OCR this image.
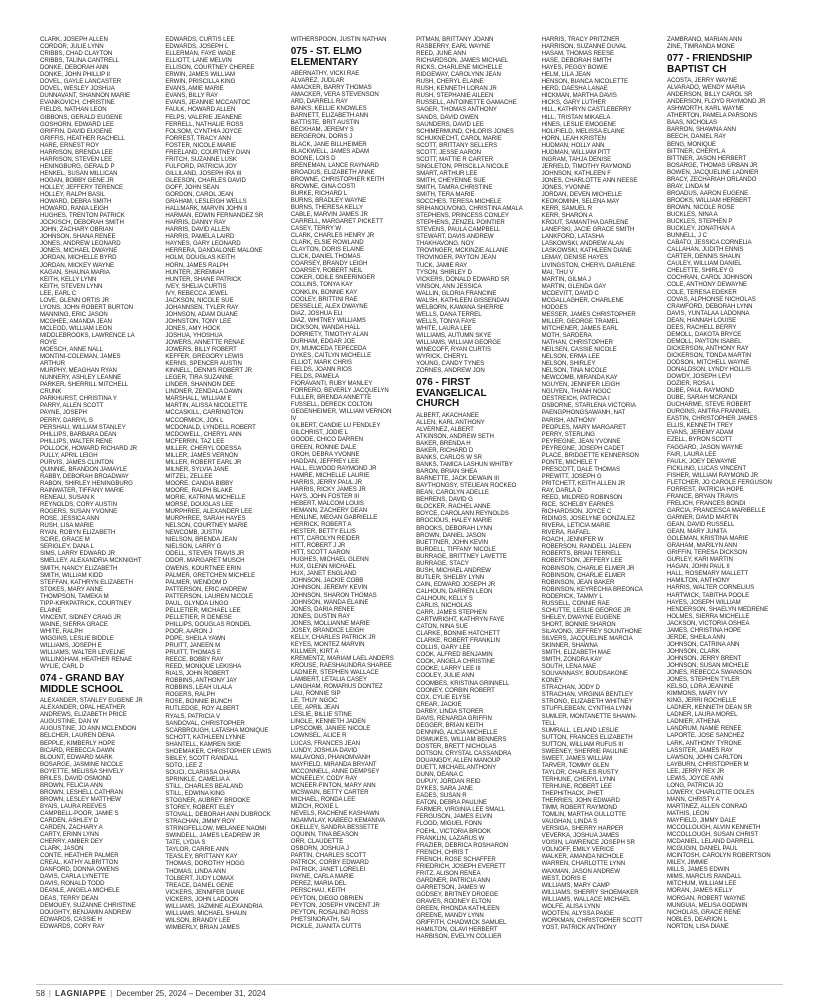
CLARK, JOSEPH ALLEN
CORDOR, JULIE LYNN
CRIBBS, CHAD CLAYTON
CRIBBS, TALINA CANTRELL
DONKE, DEBORAH ANN
DONKE, JOHN PHILLIP II
DOVEL, GAYLE LANCASTER
DOVEL, WESLEY JOSHUA
DUNNAVANT, SHANNON MARIE
EVANKOVICH, CHRISTINE
FIELDS, NATHAN LEON
GIBBONS, GERALD EUGENE
GOSHORN, EDWARD LEE
GRIFFIN, DAVID EUGENE
GRIFFIS, HEATHER RACHELL
HARE, ERNEST ROY
HARRISON, BRENDA LEE
HARRISON, STEVEN LEE
HENINGBURG, GERALD P
HENKEL, SUSAN MILLICAN
HOGAN, BOBBY GENE JR
HOLLEY, JEFFERY TERENCE
HOLLEY, RALPH BASIL
HOWARD, DEBRA SMITH
HOWARD, RANIA LEIGH
HUGHES, TRENTON PATRICK
JOCKISCH, DEBORAH SMITH
JOHN, ZACHARY OBRIAN
JOHNSON, SHANA RENEE
JONES, ANDREW LEONARD
JONES, MICHAEL DWAYNE
JORDAN, MICHELLE BYRD
JORDAN, MICKEY WAYNE
KAGAN, SHAUNA MARIA
KEITH, KELLY LYNN
KEITH, STEVEN LYNN
LEE, EARL C
LOVE, GLENN ORTIS JR
LYONS, JOHN ROBERT BURTON
MANNING, ERIC JASON
MCGHEE, AMANDA JEAN
MCLEOD, WILLIAM LEON
MIDDLEBROOKS, LAWRENCE LA
ROYE
MOESCH, ANNE NALL
MONTINI-COLEMAN, JAMES
ARTHUR
MURPHY, MEAGHAN RYAN
NUNNERY, ASHLEY LEANNE
PARKER, SHERRILL MITCHELL
CRUNK
PARKHURST, CHRISTINA Y
PARRY, ALLEN SCOTT
PAYNE, JOSEPH
PERRY, DARRYL S
PERSHAU, WILLIAM STANLEY
PHILLIPS, BARBARA DEAN
PHILLIPS, WALTER RENE
POLLOCK, HOWARD RICHARD JR
PULLY, APRIL LEIGH
PURVIS, JAMES CLINTON
QUINNIE, BRANDON JAMAYLE
RABBY, DEBORAH BROADWAY
RABON, SHIRLEY HENINGBURG
RAINWATER, TIFFANY MARIE
RENEAU, SUSAN K
REYNOLDS, CORY AUSTIN
ROGERS, SUSAN YVONNE
ROSE, JESSICA ANN
RUSH, LISA MARIE
RYAN, ROBYN ELIZABETH
SCIRE, GRACE M
SERIGLEY, DANA L
SIMS, LARRY EDWARD JR
SMELLEY, ALEXANDRIA MCKNIGHT
SMITH, NANCY ELIZABETH
SMITH, WILLIAM KIDD
STEFFAN, KATHRYN ELIZABETH
STOKES, MARY ANNE
THOMPSON, TAMEKA M
TIPP-KIRKPATRICK, COURTNEY
ELAINE
VINCENT, SIDNEY CRAIG JR
WAINE, SIERRA GRACE
WHITE, RALPH
WIGGINS, LESLIE BIDDLE
WILLIAMS, JOSEPH E
WILLIAMS, WALTER LEVELNE
WILLINGHAM, HEATHER RENAE
WYLIE, CARL D
074 - GRAND BAY MIDDLE SCHOOL
ALEXANDER, STANLEY EUGENE JR
ALEXANDER, OPAL HEATHER
ANDREWS, ELIZABETH PRICE
AUGUSTINE, DAN W
AUGUSTINE, JO ANN MCLENDON
BELCHER, LAUREN DENA
BEPPLE, KIMBERLY HOPE
BICARD, REBECCA DAWN
BLOUNT, EDWARD MARK
BOSARGE, JASMINE NICOLE
BOYETTE, MELISSA SHIVELY
BRILES, DAVID OSMOND
BROWN, FELICIA ANN
BROWN, LESHELL CATHRAN
BROWN, LESLEY MATTHEW
BYAIS, LAURA REEVES
CAMPBELL-POOR, JAMIE S
CARDEN, ASHLEY D
CARDEN, ZACHARY A
CARTY, ERINN LYNN
CHERRY, AMBER DEY
CLARK, JASON
CONTE, HEATHER PALMER
CREAL, KATHY ALBRITTON
DANFORD, DONNA OWENS
DAVIS, CARLA LYNETTE
DAVIS, RONALD TODD
DEANLE, ANGELA MICHELE
DEAS, TERRY DEAN
DEMOUEY, SUZANNE CHRISTINE
DOUGHTY, BENJAMIN ANDREW
EDWARDS, CASSIE H
EDWARDS, CORY RAY
EDWARDS, CURTIS LEE
EDWARDS, JOSEPH L
ELLERMAN, FAYE WADE
ELLIOTT, LANE MELVIN
ELLISON, COURTNEY CHEREE
ERWIN, JAMES WILLIAM
ERWIN, PRISCILLA KING
EVANS, AMIE MARIE
EVANS, BILLY RAY
EVANS, JEANNIE MCCANTOC
FAULK, HOWARD ALLEN
FELPS, VALERIE JEANENE
FERRELL, NATHALIE ROSS
FOLSOM, CYNTHIA JOYCE
FORREST, TRACY ANN
FOSTER, NICOLE MARIE
FREELAND, COURTNEY DIAN
FRITCH, SUZANNE LUSK
FULFORD, PATRICIA JOY
GILLILAND, JOSEPH IRA III
GLEESON, CHARLES DAVID
GOFF, JOHN SEAN
GORDON, CAROL JEAN
GRAHAM, LESLEIGH WELLS
HALLMARK, MARVIN JOHN II
HARMAN, EDWIN FERNANDEZ SR
HARRIS, DANNY RAY
HARRIS, DAVID ALLEN
HARRIS, PAMELA LAIRD
HAYNES, GARY LEONARD
HERRERA, DANDALONE MALONE
HOLM, DOUGLAS KEITH
HORN, JAMES RALPH
HUNTER, JEREMIAH
HUNTER, SHANE PATRICK
IVEY, SHELIA CURTIS
IVY, REBECCA JEWEL
JACKSON, NICOLE SUE
JOHANNSEN, TYLER RAY
JOHNSON, ADAM DUANE
JOHNSTON, TONY LEE
JONES, AMY HOCK
JOSHUA, YHOSHUA
JOWERS, ANNETTE RENAE
JOWERS, BILLY ROBERT
KEFFER, GREGORY LEWIS
KERNS, SPENCER AUSTIN
KINNELL, DENNIS ROBERT JR
LEGER, TIRA SUZANNE
LINDER, SHANNON DEE
LINDNER, ZENDALA DAWN
MARSHALL, WILLIAM E
MARTIN, ALISSA NICOLETTE
MCCASKILL, CARRINGTON
MCCORMICK, JON L
MCDONALD, LYNDELL ROBERT
MCDOWELL, CHERYL ANN
MCFERRIN, TAZ LEE
MILLER, CHERYL ODESSA
MILLER, JAMES VERNON
MILLER, ROBERT EARL JR
MILNER, SYLVIA JANE
MITZEL, ZELLEE
MOORE, CANDIA BIBBY
MOORE, RALPH BLAKE
MORIE, KATRINA MICHELLE
MORSE, DOUGLAS LEE
MURPHREE, ALEXANDER LEE
MURPHREE, SARAH HAYES
NELSON, COURTNEY MARIE
NEWCOMB, JUSTIN
NIELSON, BRENDA JEAN
NIELSON, LARRY G
ODELL, STEVEN TRAVIS JR
ODOR, MARGARET MUSCH
OWENS, KOURTNEE ERIN
PALMER, GRETCHEN MICHELE
PALMER, WENDOM D
PATTERSON, ERIC ANDREW
PATTERSON, LAUREN NICOLE
PAUL, GLYNDA LINGO
PELLETIER, MICHAEL LEE
PELLETIER, R DENESE
PHILLIPS, DOUGLAS RONDEL
POOR, AARON J
POPE, SHEILA YAWN
PRUITT, JANEEN M
PRUITT, THOMAS E
REECE, BOBBY RAY
REED, MONIQUE LEKISHA
RIALS, JOHN ROBERT
ROBBINS, ANTHONY JAY
ROBBINS, LEAH ULALA
ROGERS, RALPH
ROSE, BONNIE BUNCH
RUTLEDGE, ROY ALBERT
RYALS, PATRICIA V
SANDOVAL, CHRISTOPHER
SCARBROUGH, LATASHA MONIQUE
SCHOTT, KATHLEEN LYNNE
SHANTELL, KAMREN SKIE
SHOEMAKER, CHRISTOPHER LEWIS
SIBLEY, SCOTT RANDALL
SOTO, LEE Z
SOUCI, CLARISSA OHARA
SPRINKLE, CAMELIA A
STILL, CHARLES BEALAND
STILL, EDWINA KING
STOGNER, AUBREY BROOKE
STOREY, ROBERT ELEY
STOVALL, DEBORAH ANN DUBROCK
STRACHAN, JIMMY ROY
STRINGFELLOW, MELANEE NAOMI
SWINDELL, JAMES LEADREW JR
TATE, LYDIA S
TAYLOR, CARRIE ANN
TEASLEY, BRITTANY KAY
THOMAS, DOROTHY HOGG
THOMAS, LINDA ANN
TOLBERT, JUDY LOMAX
TREACE, DANIEL GENE
VICKERS, JENNIFER DIANE
VICKERS, JOHN LADDON
WILLIAMS, JAZMINE ALEXANDRIA
WILLIAMS, MICHAEL SHAUN
WILSON, BRANDY LEE
WIMBERLY, BRIAN JAMES
WITHERSPOON, JUSTIN NATHAN
075 - ST. ELMO ELEMENTARY
ABERNATHY, VICKI RAE
ALVAREZ, JUDLAR
AMACKER, BARRY THOMAS
AMACKER, VERA STEVENSON
ARD, DARRELL RAY
BANKS, KELLIE KNOWLES
BARNETT, ELIZABETH ANN
BATTISTE, BRIT AUSTIN
BECKHAM, JEREMY S
BERGERON, DORIS J
BLACK, JANE BILLHEIMER
BLACKWELL, JAMES ADAM
BOONE, LOIS D
BRENEMAN, LANCE RAYNARD
BROADUS, ELIZABETH ANNE
BROWNE, CHRISTOPHER KEITH
BROWNE, GINA COSTI
BURKE, RICHARD L
BURNS, BRADLEY WAYNE
BURNS, THERESA KELLY
CABLE, MARVIN JAMES JR
CARRELL, MARGARET PICKETT
CASEY, TERRY W
CLARK, CHARLES HENRY JR
CLARK, ELSIE ROWLAND
CLAYTON, DORIS ELAINE
CLICK, DANIEL THOMAS
COARSEY, BRANDY LEIGH
COARSEY, ROBERT NEIL
COKER, ODILE SNEERINGER
COLLINS, TONYA KAY
CONKLIN, BONNIE KAY
COOLEY, BRITTINI RAE
DESSELLE, ALEX DWAYNE
DIAZ, JOSHUA ELI
DIAZ, WHITNEY WILLIAMS
DICKSON, WANDA HALL
DORRIETY, TIMOTHY ALAN
DURHAM, EDGAR JOE
DY, MUMCEDA TEPECEDA
DYKES, CAITLYN MICHELLE
ELLIOT, MARK CHRIS
FIELDS, JOANN RIOS
FIELDS, PAMELA
FIORAVANTI, RUBY MANLEY
FORRERO, BEVERLY JACQUELYN
FULLER, BRENDA ANNETTE
FUSSELL, DERECK COLTON
GEGENHEIMER, WILLIAM VERNON
IV
GILBERT, CANDIE LU FENDLEY
GILCHRIST, JODIE L
GOODE, CHICO DARREN
GREEN, RONNIE DALE
GROH, DEBRA YVONNE
HADDAN, JEFFREY LEE
HALL, ELWOOD RAYMOND JR
HAMRE, MICHELLE LAURIE
HARRIS, JERRY PAUL JR
HARRIS, RICKY JAMES JR
HAYS, JOHN FOSTER III
HEBERT, MALCOM LOUIS
HEMANN, ZACHERY DEAN
HENLINE, MEGAN GABRIELLE
HERRICK, ROBERT A
HESTER, BETTY ELLIS
HITT, CAROLYN REIDER
HITT, ROBERT J JR
HITT, SCOTT AARON
HUGHES, MICHAEL GLENN
HUX, GLENN MICHAEL
HUX, JANET ENGLAND
JOHNSON, JACKIE COBB
JOHNSON, JEREMY KEVIN
JOHNSON, SHARON THOMAS
JOHNSON, WANDA ELAINE
JONES, DARIA RENEE
JONES, DUSTIN RAY
JONES, MOLLIANNE MARIE
JOSEY, BRANDICE LEIGH
KELLY, CHARLES PATRICK JR
KEYES, MONTEZ MARVIN
KILLMER, KIRT A
KREMENTZ, MARIAM LAEL ANDERS
KROUSE, RAESHAUNDRA SHAREE
LADNIER, STEPHEN WALLACE
LAMBERT, LETALIA CASEY
LANGHAM, ROMARIUS DONTEZ
LAU, RONNIE SIP
LE, THUY NGOC
LEE, APRIL JEAN
LESLIE, BILLIE STINE
LINGLE, KENNETH JADEN
LIPSCOMB, JANIEE NICOLE
LOWNSEL, ALICE R
LUCAS, FRANCES JEAN
LUNDY, JOSHUA DAVID
MALAVONG, PHANOMVANH
MAYFIELD, MIRANDA BRYANT
MCCONNELL, ANNE DEMPSEY
MCNEELEY, CODY RAY
MCNEER-FINTON, MARY ANN
MCSWAIN, BETTY CARTER
MICHAEL, RONDA LEE
MIZICH, ROXIE L
NEVELS, RACHENE KASHAWN
NGAMVILAY, KABEEO KEMANIVA
OKELLEY, SANDRA BESSETTE
OQUINN, TINA BEASON
ORR, CLAUDETTE
OSBORN, JOSHUA J
PARTIN, CHARLES SCOTT
PATRICK, CORBY EDWARD
PATRICK, JANET LORELEI
PAYNE, CARLA MARIE
PEREZ, MARIA DEL
PERSCHAU, KEITH
PEYTON, DIEGO OBRIEN
PEYTON, JOSEPH VINCENT JR
PEYTON, ROSALIND ROSS
PHETSINORATH, SAI
PICKLE, JUANITA CUTTS
PITMAN, BRITTANY JOANN
RASBERRY, EARL WAYNE
REED, JUNE ANN
RICHARDSON, JAMES MICHAEL
RICKS, CHARLENE MICHELLE
RIDGEWAY, CAROLYNN JEAN
RUSH, CHERYL ELAINE
RUSH, KENNETH LORAN JR
RUSH, STEPHANIE AILEEN
RUSSELL, ANTOINETTE GAMACHE
SAGER, THOMAS ANTHONY
SANDS, DAVID OWEN
SAUNDERS, DAVID LEE
SCHIMERMUND, CHLORIS JONES
SCHUKNECHT, CAROL MARIE
SCOTT, BRITTANY SELLERS
SCOTT, JESSE AARON
SCOTT, MATTIE R CARTER
SINGLETON, PRISCILLA NICOLE
SMART, ARTHUR LEE
SMITH, CHEYENNE SUE
SMITH, TAMRA CHRISTINE
SMITH, TERA MARIE
SOCCHES, TERESA MICHELE
SRIHANOUVONG, CHRISTINA AMALA
STEPHENS, PRINCESS CONLEY
STEPHENS, ZENZEL POINTIER
STEVENS, PAULA CAMPBELL
STEWART, DAVIS ANDREW
THAKHAVONG, NOY
TROVINGER, MCKINZIE ALLANE
TROVINGER, PAYTON JEAN
TUCK, JAMIE RAY
TYSON, SHIRLEY D
VICKERS, DONALD EDWARD SR
VINSON, ANN JESSICA
WALLIN, GLORIA FRANCINE
WALSH, KATHLEEN GISSENDAN
WELBORN, KAWANA SHERRIE
WELLS, DANA TERREL
WELLS, TONYA FAYE
WHITE, LAURA LEE
WILLIAMS, AUTUMN SKYE
WILLIAMS, WILLIAM GEORGE
WINECOFF, RYAN CURTIS
WYRICK, CHERYL
YOUNG, CANDY TYNES
ZORNES, ANDREW JON
076 - FIRST EVANGELICAL CHURCH
ALBERT, AKACHANEE
ALLEN, KARL ANTHONY
ALVERNEZ, ALBERT
ATKINSON, ANDREW SETH
BAKER, BRENDA H
BAKER, RICHARD D
BANKS, CARLOS W SR
BANKS, TAMICA LASHUN WHITBY
BARON, BRIAN SHEA
BARNETTE, JACK DEWAIN III
BAYTHONGSY, STEUEAN ROCKEO
BEAN, CAROLYN ADELLE
BEHRENS, DAVID G
BLOCKER, RACHEL ANNE
BOYCE, CAROLANN REYNOLDS
BROCIOUS, HALEY MARIE
BROOKS, DEBORAH LYNN
BROWN, DANIEL JASON
BUETTNER, JOHN KEVIN
BURDELL, TIFFANY NICOLE
BURRAGE, BRITTNEY LAVETTE
BURRAGE, STACY
BUSH, MICHAEL ANDREW
BUTLER, SHELBY LYNN
CAIN, EDWARD JOSEPH JR
CALHOUN, DARREN LEON
CALHOUN, KELLY S
CARLIS, NICHOLAS
CARR, JAMES STEPHEN
CARTWRIGHT, KATHRYN FAYE
CATON, NINA SUE
CLARKE, BONNIE HATCHETT
CLARKE, ROBERT FRANKLIN
COLLIS, GARY LEE
COOK, ALFRED BENJAMIN
COOK, ANGELA CHRISTINE
COOKE, LARRY LEE III
COOLEY, JULIE ANN
COOMBES, KRISTINA GRINNELL
COONEY, CORBIN ROBERT
COX, CYLIE ELYSE
CREAR, JACKIE
DARBY, LINDA STORER
DAVIS, RENARDA GRIFFIN
DEGGER, BRIAN KEITH
DENNING, ALICIA MICHELLE
DISMUKES, WILLIAM BENNERS
DOSTER, BRETT NICHOLAS
DOTSON, CRYSTAL CASSANDRA
DOUANGDY, ALLEN MANOUP
DUETT, MICHAEL ANTHONY
DUNN, DEANA C
DUPUY, JORDAN REID
DYKES, SARA JANE
EADES, SUSAN R
EATON, DEBRA PAULINE
FARMER, VIRGINIA LEE SMALL
FERGUSON, JAMES ELVIN
FLOOD, MIGUEL FONN
FOEHL, VICTORIA BROOK
FRANKLIN, LAZARUS W
FRAZIER, DEBRICA ROSHARON
FRENCH, CHRIS T
FRENCH, ROSE SCHAFFER
FRIEDRICH, JOSEPH EVERETT
FRITZ, ALISON RENEA
GARDNER, PATRICIA ANN
GARRETSON, JAMES W
GODSEY, BRITNEY DROEGE
GRAVES, RODNEY ELTON
GREEN, RHONDA KATHLEEN
GREENE, MANDY LYNN
GRIFFITH, CHADWICK SAMUEL
HAMILTON, OLAVI HERBERT
HARBISON, EVELYN COLLIER
HARRIS, TRACY PRITZNER
HARRISON, SUZANNE DUVAL
HASAM, THOMAS REESE
HASE, DEBORAH SMITH
HAYES, PEGGY BOWIE
HELM, LILA JEAN
HENSON, BIANCA NICOLETTE
HERD, DAESHA LANAE
HICKMAN, MARTHA DAVIS
HICKS, GARY LUTHER
HILL, KATHRYN CASTLEBERRY
HILL, TRISTAN MIKAELA
HINES, LESLIE EMOGENE
HOLIFIELD, MELISSA ELAINE
HORN, LEAH KRISTEN
HUDMAN, HOLLY ANN
HUDMAN, WILLIAM PITT
INGRAM, TAHJA DENISE
JERRELD, TIMOTHY RAYMOND
JOHNSON, KATHLEEN F
JONES, CHARLOTTE ANN NEESE
JONES, YVONNE
JORDAN, DEVEN MICHELLE
KEOKOMINH, SELENA MAY
KERR, SAMUEL R
KERR, SHARON A
KROUT, SAMANTHA DARLENE
LANEFSKI, JACIE GRACE SMITH
LANKFORD, LATASHA
LASKOWSKI, ANDREW ALAN
LASKOWSKI, KATHLEEN DIANE
LEMAY, DENISE HAYES
LIVINGSTON, CHERYL DARLENE
MAI, THU V
MARTIN, GILMA J
MARTIN, GLENDA GAY
MCDEVITT, DAVID C
MCGALLAGHER, CHARLENE
HODGES
MESSER, JAMES CHRISTOPHER
MILLER, GEORGE TRAMEL
MITCHENER, JAMES EARL
MOTH, SARDERA
NATHAN, CHRISTOPHER
NEILSEN, CASSIE NICOLE
NELSON, ERMA LEE
NELSON, SHIRLEY
NELSON, TINA NICOLE
NEWCOMB, MIRANDA KAY
NGUYEN, JENNIFER LEIGH
NGUYEN, THANH NGOC
OESTREICH, PATRICIA I
OSBORNE, STARLENA VICTORIA
PAENGPHONGSAWANH, NAT
PARISH, ANTHONY
PEOPLES, MARY MARGARET
PERRY, STERLING
PEYREGNE, JEAN YVONNE
PEYREGNE, JOSEPH CADET
PLACE, BRIDGETTE KENNERSON
PONTE, MICHELE T
PRESCOTT, DALE THOMAS
PREWITT, JOSEPH G
PRITCHETT, KEITH ALLEN JR
RAY, DARLA D
REED, MILDRED ROBINSON
RICE, SCHELBY EARNES
RICHARDSON, JOYCE C
RIDINGS, JOSELYNE GONZALEZ
RIVERA, LETICIA MARIE
RIVERA, RAFAEL
ROACH, JENNIFER W
ROBERSON, RANDELL JALEEN
ROBERTS, BRIAN TERRELL
ROBERTSON, JEFFERY LEE
ROBINSON, CHARLIE ELMER JR
ROBINSON, CHARLIE ELMER
ROBINSON, JEAN BAKER
ROBINSON, KEYRECHIA BREONCA
RODERICK, TAMMY L
RUSSELL, CONNIE RAE
SCHUTTE, LESLIE GEORGE JR
SHELEY, DWAYNE EUGENE
SHORT, BONNIE SHARON
SILAVONG, JEFFREY SOUNTHONE
SILVERS, JACQUELINE MARCIA
SKINNER, SHAWNA
SMITH, ELIZABETH MAE
SMITH, ZONDRA KAY
SOUTH, LENA MAE
SOUVANNASY, BOUDSAKONE
KONEY
STRACHAN, JODY D
STRACHAN, VIRGINIA BENTLEY
STRONG, ELIZABETH WHITNEY
STUFFLEBEAN, CYNTHIA LYNN
SUMLER, MONTANETTE SHAWN-
TELL
SUMRALL, LELAND LESLIE
SUTTON, FRANCES ELIZABETH
SUTTON, WILLIAM RUFUS III
SWEENEY, SHERRIE PAULINE
SWEET, JAMES WILLIAM
TARVER, TOMMY GLEN
TAYLOR, CHARLES RUSTY
TERHUNE, CHERYL LYNN
TERHUNE, ROBERT LEE
THEPHITHACK, PHET
THERRIES, JOHN EDWARD
TIMM, ROBERT RAYMOND
TOMLIN, MARTHA GULLOTTE
VAUGHAN, LINDA S
VERSIGA, SHERRY HARPER
VEVERKA, JOSHUA JAMES
VOISIN, LAWRENCE JOSEPH SR
VOLNOFF, EMILY VERICE
WALKER, AMANDA NICHOLE
WARREN, CHARLOTTE LYNN
WAXMAN, JASON ANDREW
WEST, DORIS E
WILLIAMS, MARY CAMP
WILLIAMS, SHERRY SHOEMAKER
WILLIAMS, WALLACE MICHAEL
WOLFE, ALISA LYNN
WOOTEN, ALYSSA PAIGE
WORKMAN, CHRISTOPHER SCOTT
YOST, PATRICK ANTHONY
ZAMBRANO, MARIAN ANN
ZINE, TIMRANDA MONE
077 - FRIENDSHIP BAPTIST CH
ACOSTA, JERRY WAYNE
ALVARADO, WENDY MARIA
ANDERSON, BILLY CAROL SR
ANDERSON, FLOYD RAYMOND JR
ASHWORTH, KARL WAYNE
ATHERTON, PAMELA PARSONS
BAAS, NICHOLAS
BARRON, SHAWNA ANN
BEECH, DANIEL RAY
BENG, MONIQUE
BITTNER, CHERYL A
BITTNER, JASON HERBERT
BOSARGE, THOMAS URBAN JR
BOWEN, JACQUELINE LADNIER
BRACY, ZECHARIAH ORLANDO
BRAY, LINDA M
BROADUS, AARON EUGENE
BROOKS, WILLIAM HERBERT
BROWN, NICOLE ROSE
BUCKLES, NINA A
BUCKLES, STEPHEN P
BUCKLEY, JONATHAN A
BUNNELL, J C
CABATO, JESSICA CORNELIA
CALLAHAN, JUDITH ENNIS
CARTER, DENNIS SHAUN
CAULEY, WILLIAM DANIEL
CHELETTE, SHIRLEY G
COCHRAN, CAROL JOHNSON
COLE, ANTHONY DEWAYNE
COLE, TERESA EDEKER
COVAS, ALPHONSE NICHOLAS
CRAWFORD, DEBORAH LYNN
DAVIS, YUNTALAA LADONNA
DEAN, HANNAH LOUISE
DEES, RACHELL BERRY
DEMOLL, DAKOTA BRYCE
DEMOLL, PAYTON ISABEL
DICKERSON, ANTHONY RAY
DICKERSON, TONDA MARTIN
DODSON, MITCHELL WAYNE
DONALDSON, LYNDY HOLLIS
DOWDY, JOSEPH LEVI
DOZIER, ROSA L
DUBE, PAUL RAYMOND
DUBE, SARAH MCRANDI
DUCHARME, STEVE ROBERT
DURGINS, ANITRA FRANNIEL
EASTIN, CHRISTOPHER JAMES
ELLIS, KENNETH TREY
EVANS, JEREMY ADAM
EZELL, BYRON SCOTT
FAGGARD, JASON WAYNE
FAIR, LAURA LEE
FAULK, JOEY DEWAYNE
FICKLING, LUCAS VINCENT
FISHER, WILLIAM RAYMOND JR
FLETCHER, JO CAROLE FERGUSON
FORREST, PATRICIA HOPE
FRANCE, BRYAN TRAVIS
FRELICH, FRANCES BONDI
GARCIA, FRANCESCA MARIBELLE
GARNER, DAVID MARTIN
GEAN, DAVID RUSSELL
GEAN, MARY JUNITA
GOLEMAN, KRISTINA MARIE
GRAHAM, MARILYN ANN
GRIFFIN, TERESA DICKSON
GURLEY, KARI MARTIN
HAGAN, JOHN PAUL II
HALL, ROSEMARY MALLETT
HAMILTON, ANTHONY
HARRIS, WALTER CORNELIUS
HARTWICK, TABITHA POOLE
HAYES, JOSEPH WILLIAM
HENDERSON, SHAELYN MEDRENE
HOLMES, SIERRA MICHELLE
JACKSON, VICTORIA OSHEA
JAMES, CHRISTINA HOPE
JERDE, SHEILA ANN
JOHNSON, CATRINA ANN
JOHNSON, CLARK
JOHNSON, JERRY BRENT
JOHNSON, SUSAN MICHELE
JONES, REBECCA SWANSON
JONES, STEPHEN TYLER
KELSO, LORA JEANINE
KIMMONS, MARY IVY
KING, JERRI ROCHELLE
LADNER, KENNETH DEAN SR
LADNER, LAURA MOREL
LADNIER, ATHENA
LANDRUM, NAMIE RENEE
LAPORTE, JOSE SANCHEZ
LARK, ANTHONY TYRONE
LASSITER, JAMES RAY
LAWSON, JOHN CARLTON
LAYBURN, CHRISTOPHER M
LEE, JERRY REX JR
LEWIS, JOYCE ANN
LONG, PATRICIA JO
LOWERY, CHARLOTTE OGLES
MANN, CHRISTY A
MARTINEZ, ALLEN CONRAD
MATHIS, LEON
MAYFIELD, JIMMY DALE
MCCOLLOUGH, ALVIN KENNETH
MCCOLLOUGH, SUSAN CHRIST
MCDANIEL, LELAND DARRELL
MCGUGIN, DANIEL PAUL
MCINTOSH, CAROLYN ROBERTSON
MILEY, JIMMIE
MILLS, JAMES EDWIN
MIMS, MARCUS RANDALL
MITCHUM, WILLIAM LEE
MORAN, JAMES KELLY
MORGAN, ROBERT WAYNE
MUNGUIA, MELISA GODWIN
NICHOLAS, GRACE RENE
NOBLES, DEARION L
NORTON, LISA DIANE
58 | LAGNIAPPE | December 25, 2024 – December 31, 2024
